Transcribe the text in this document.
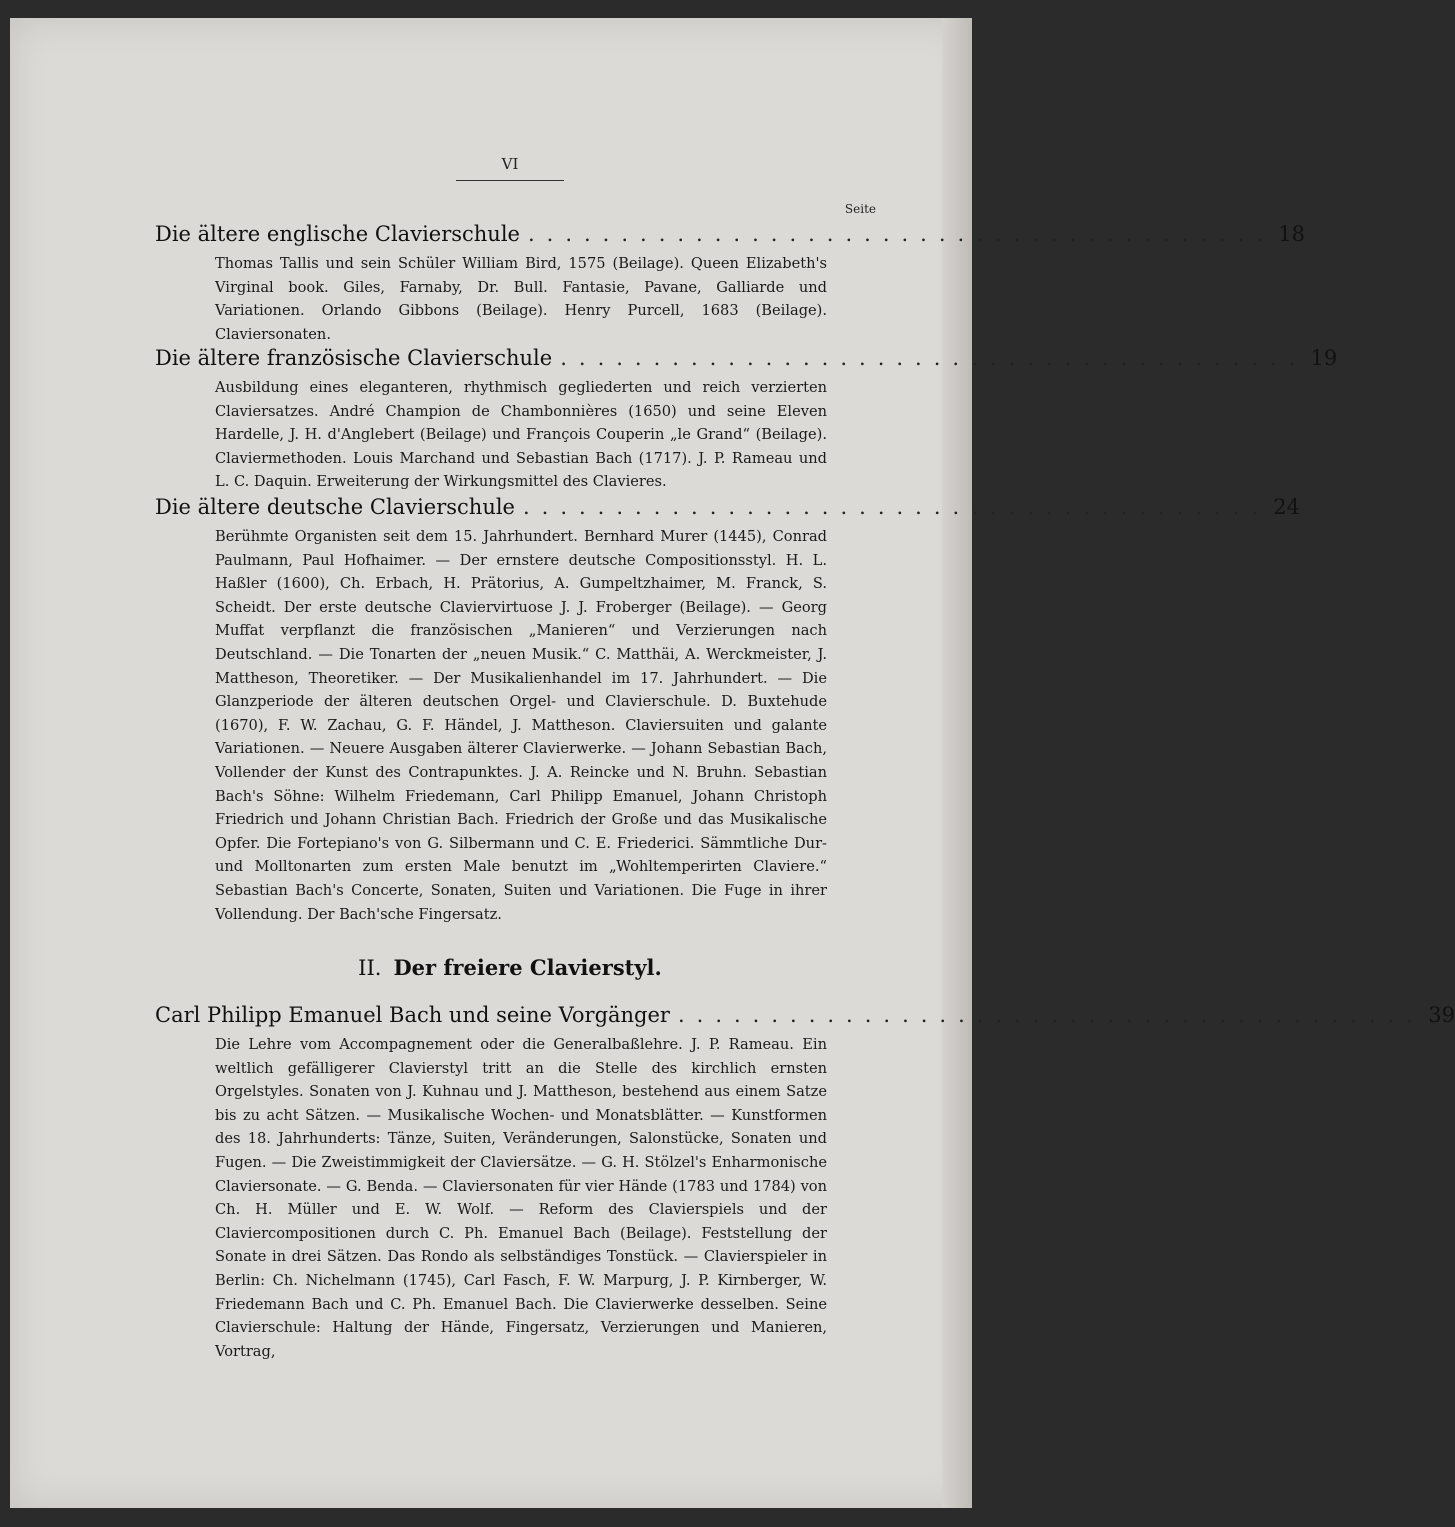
VI
Seite
Die ältere englische Clavierschule ........................................ 18
Thomas Tallis und sein Schüler William Bird, 1575 (Beilage). Queen Elizabeth's Virginal book. Giles, Farnaby, Dr. Bull. Fantasie, Pavane, Galliarde und Variationen. Orlando Gibbons (Beilage). Henry Purcell, 1683 (Beilage). Claviersonaten.
Die ältere französische Clavierschule ........................................ 19
Ausbildung eines eleganteren, rhythmisch gegliederten und reich verzierten Claviersatzes. André Champion de Chambonnières (1650) und seine Eleven Hardelle, J. H. d'Anglebert (Beilage) und François Couperin „le Grand“ (Beilage). Claviermethoden. Louis Marchand und Sebastian Bach (1717). J. P. Rameau und L. C. Daquin. Erweiterung der Wirkungsmittel des Clavieres.
Die ältere deutsche Clavierschule ........................................ 24
Berühmte Organisten seit dem 15. Jahrhundert. Bernhard Murer (1445), Conrad Paulmann, Paul Hofhaimer. — Der ernstere deutsche Compositionsstyl. H. L. Haßler (1600), Ch. Erbach, H. Prätorius, A. Gumpeltzhaimer, M. Franck, S. Scheidt. Der erste deutsche Claviervirtuose J. J. Froberger (Beilage). — Georg Muffat verpflanzt die französischen „Manieren“ und Verzierungen nach Deutschland. — Die Tonarten der „neuen Musik.“ C. Matthäi, A. Werckmeister, J. Mattheson, Theoretiker. — Der Musikalienhandel im 17. Jahrhundert. — Die Glanzperiode der älteren deutschen Orgel- und Clavierschule. D. Buxtehude (1670), F. W. Zachau, G. F. Händel, J. Mattheson. Claviersuiten und galante Variationen. — Neuere Ausgaben älterer Clavierwerke. — Johann Sebastian Bach, Vollender der Kunst des Contrapunktes. J. A. Reincke und N. Bruhn. Sebastian Bach's Söhne: Wilhelm Friedemann, Carl Philipp Emanuel, Johann Christoph Friedrich und Johann Christian Bach. Friedrich der Große und das Musikalische Opfer. Die Fortepiano's von G. Silbermann und C. E. Friederici. Sämmtliche Dur- und Molltonarten zum ersten Male benutzt im „Wohltemperirten Claviere.“ Sebastian Bach's Concerte, Sonaten, Suiten und Variationen. Die Fuge in ihrer Vollendung. Der Bach'sche Fingersatz.
II. Der freiere Clavierstyl.
Carl Philipp Emanuel Bach und seine Vorgänger ........................................ 39
Die Lehre vom Accompagnement oder die Generalbaßlehre. J. P. Rameau. Ein weltlich gefälligerer Clavierstyl tritt an die Stelle des kirchlich ernsten Orgelstyles. Sonaten von J. Kuhnau und J. Mattheson, bestehend aus einem Satze bis zu acht Sätzen. — Musikalische Wochen- und Monatsblätter. — Kunstformen des 18. Jahrhunderts: Tänze, Suiten, Veränderungen, Salonstücke, Sonaten und Fugen. — Die Zweistimmigkeit der Claviersätze. — G. H. Stölzel's Enharmonische Claviersonate. — G. Benda. — Claviersonaten für vier Hände (1783 und 1784) von Ch. H. Müller und E. W. Wolf. — Reform des Clavierspiels und der Claviercompositionen durch C. Ph. Emanuel Bach (Beilage). Feststellung der Sonate in drei Sätzen. Das Rondo als selbständiges Tonstück. — Clavierspieler in Berlin: Ch. Nichelmann (1745), Carl Fasch, F. W. Marpurg, J. P. Kirnberger, W. Friedemann Bach und C. Ph. Emanuel Bach. Die Clavierwerke desselben. Seine Clavierschule: Haltung der Hände, Fingersatz, Verzierungen und Manieren, Vortrag,
